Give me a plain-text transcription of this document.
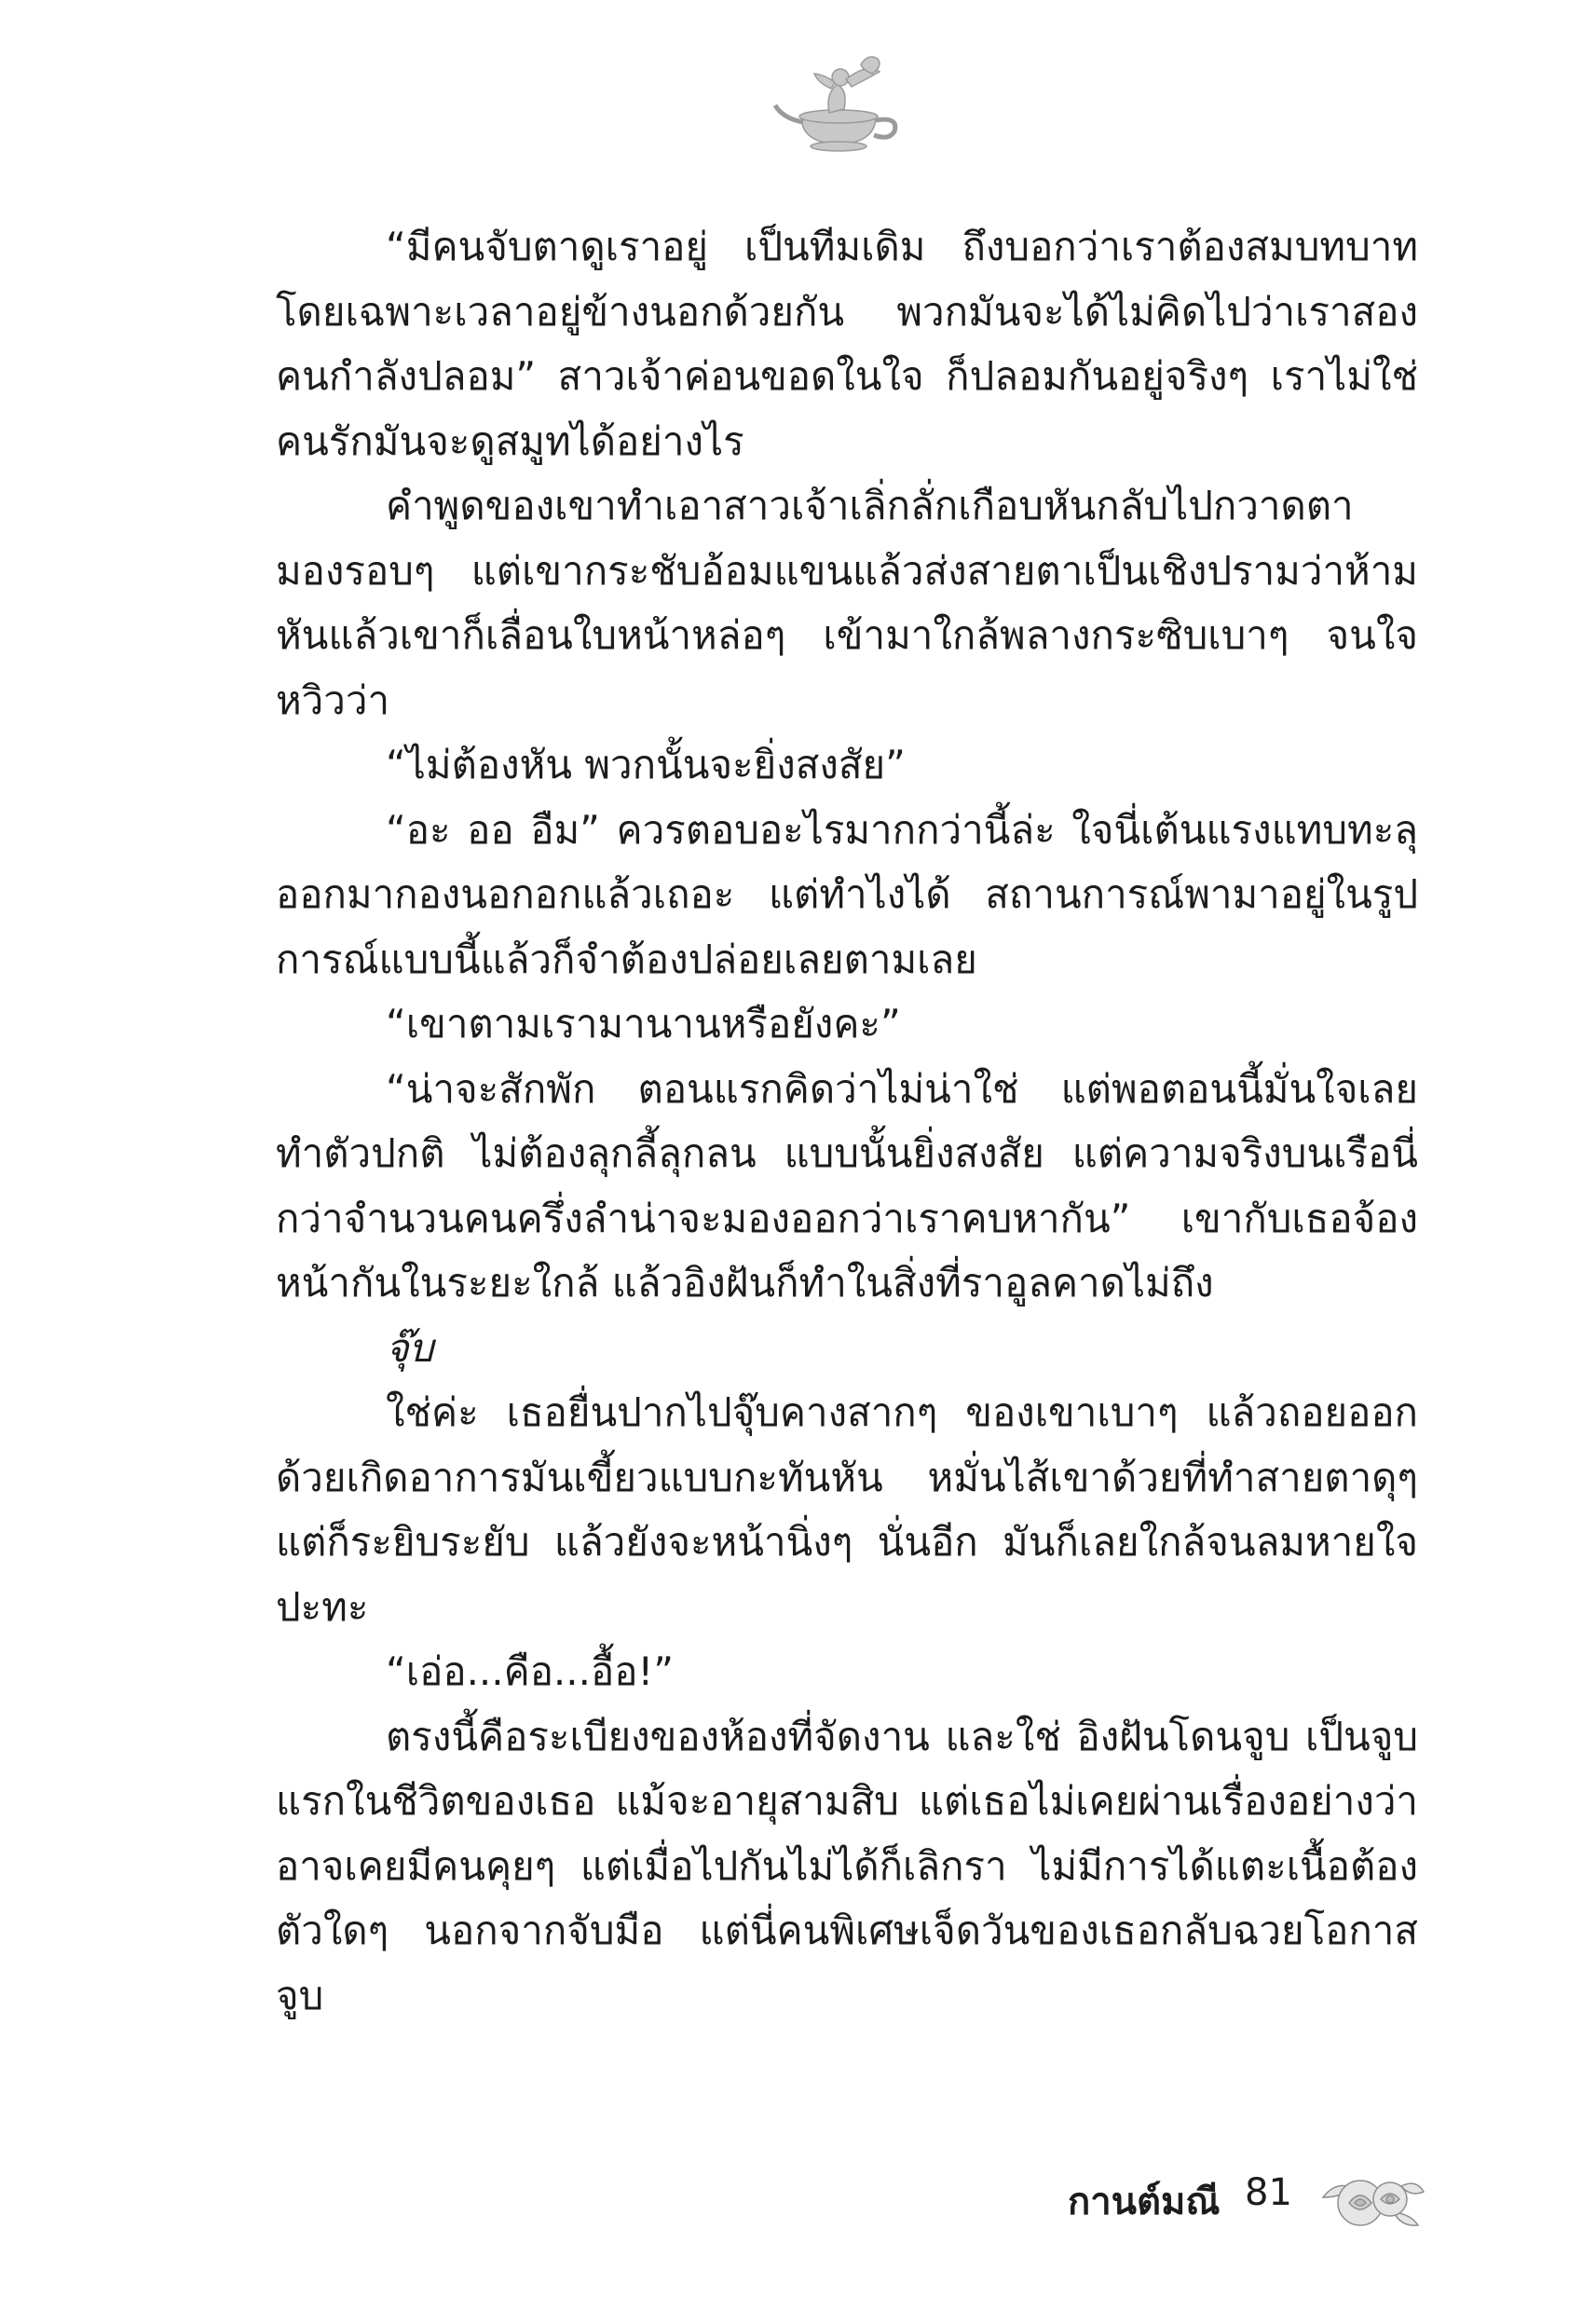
“มีคนจับตาดูเราอยู่ เป็นทีมเดิม ถึงบอกว่าเราต้องสมบทบาท โดยเฉพาะเวลาอยู่ข้างนอกด้วยกัน พวกมันจะได้ไม่คิดไปว่าเราสองคนกำลังปลอม” สาวเจ้าค่อนขอดในใจ ก็ปลอมกันอยู่จริงๆ เราไม่ใช่คนรักมันจะดูสมูทได้อย่างไร

คำพูดของเขาทำเอาสาวเจ้าเลิ่กลั่กเกือบหันกลับไปกวาดตามองรอบๆ แต่เขากระชับอ้อมแขนแล้วส่งสายตาเป็นเชิงปรามว่าห้ามหันแล้วเขาก็เลื่อนใบหน้าหล่อๆ เข้ามาใกล้พลางกระซิบเบาๆ จนใจหวิวว่า

“ไม่ต้องหัน พวกนั้นจะยิ่งสงสัย”

“อะ ออ อืม” ควรตอบอะไรมากกว่านี้ล่ะ ใจนี่เต้นแรงแทบทะลุออกมากองนอกอกแล้วเถอะ แต่ทำไงได้ สถานการณ์พามาอยู่ในรูปการณ์แบบนี้แล้วก็จำต้องปล่อยเลยตามเลย

“เขาตามเรามานานหรือยังคะ”

“น่าจะสักพัก ตอนแรกคิดว่าไม่น่าใช่ แต่พอตอนนี้มั่นใจเลยทำตัวปกติ ไม่ต้องลุกลี้ลุกลน แบบนั้นยิ่งสงสัย แต่ความจริงบนเรือนี่กว่าจำนวนคนครึ่งลำน่าจะมองออกว่าเราคบหากัน” เขากับเธอจ้องหน้ากันในระยะใกล้ แล้วอิงฝันก็ทำในสิ่งที่ราอูลคาดไม่ถึง

จุ๊บ

ใช่ค่ะ เธอยื่นปากไปจุ๊บคางสากๆ ของเขาเบาๆ แล้วถอยออกด้วยเกิดอาการมันเขี้ยวแบบกะทันหัน หมั่นไส้เขาด้วยที่ทำสายตาดุๆแต่ก็ระยิบระยับ แล้วยังจะหน้านิ่งๆ นั่นอีก มันก็เลยใกล้จนลมหายใจปะทะ

“เอ่อ...คือ...อื้อ!”

ตรงนี้คือระเบียงของห้องที่จัดงาน และใช่ อิงฝันโดนจูบ เป็นจูบแรกในชีวิตของเธอ แม้จะอายุสามสิบ แต่เธอไม่เคยผ่านเรื่องอย่างว่าอาจเคยมีคนคุยๆ แต่เมื่อไปกันไม่ได้ก็เลิกรา ไม่มีการได้แตะเนื้อต้องตัวใดๆ นอกจากจับมือ แต่นี่คนพิเศษเจ็ดวันของเธอกลับฉวยโอกาสจูบ

กานต์มณี 81
